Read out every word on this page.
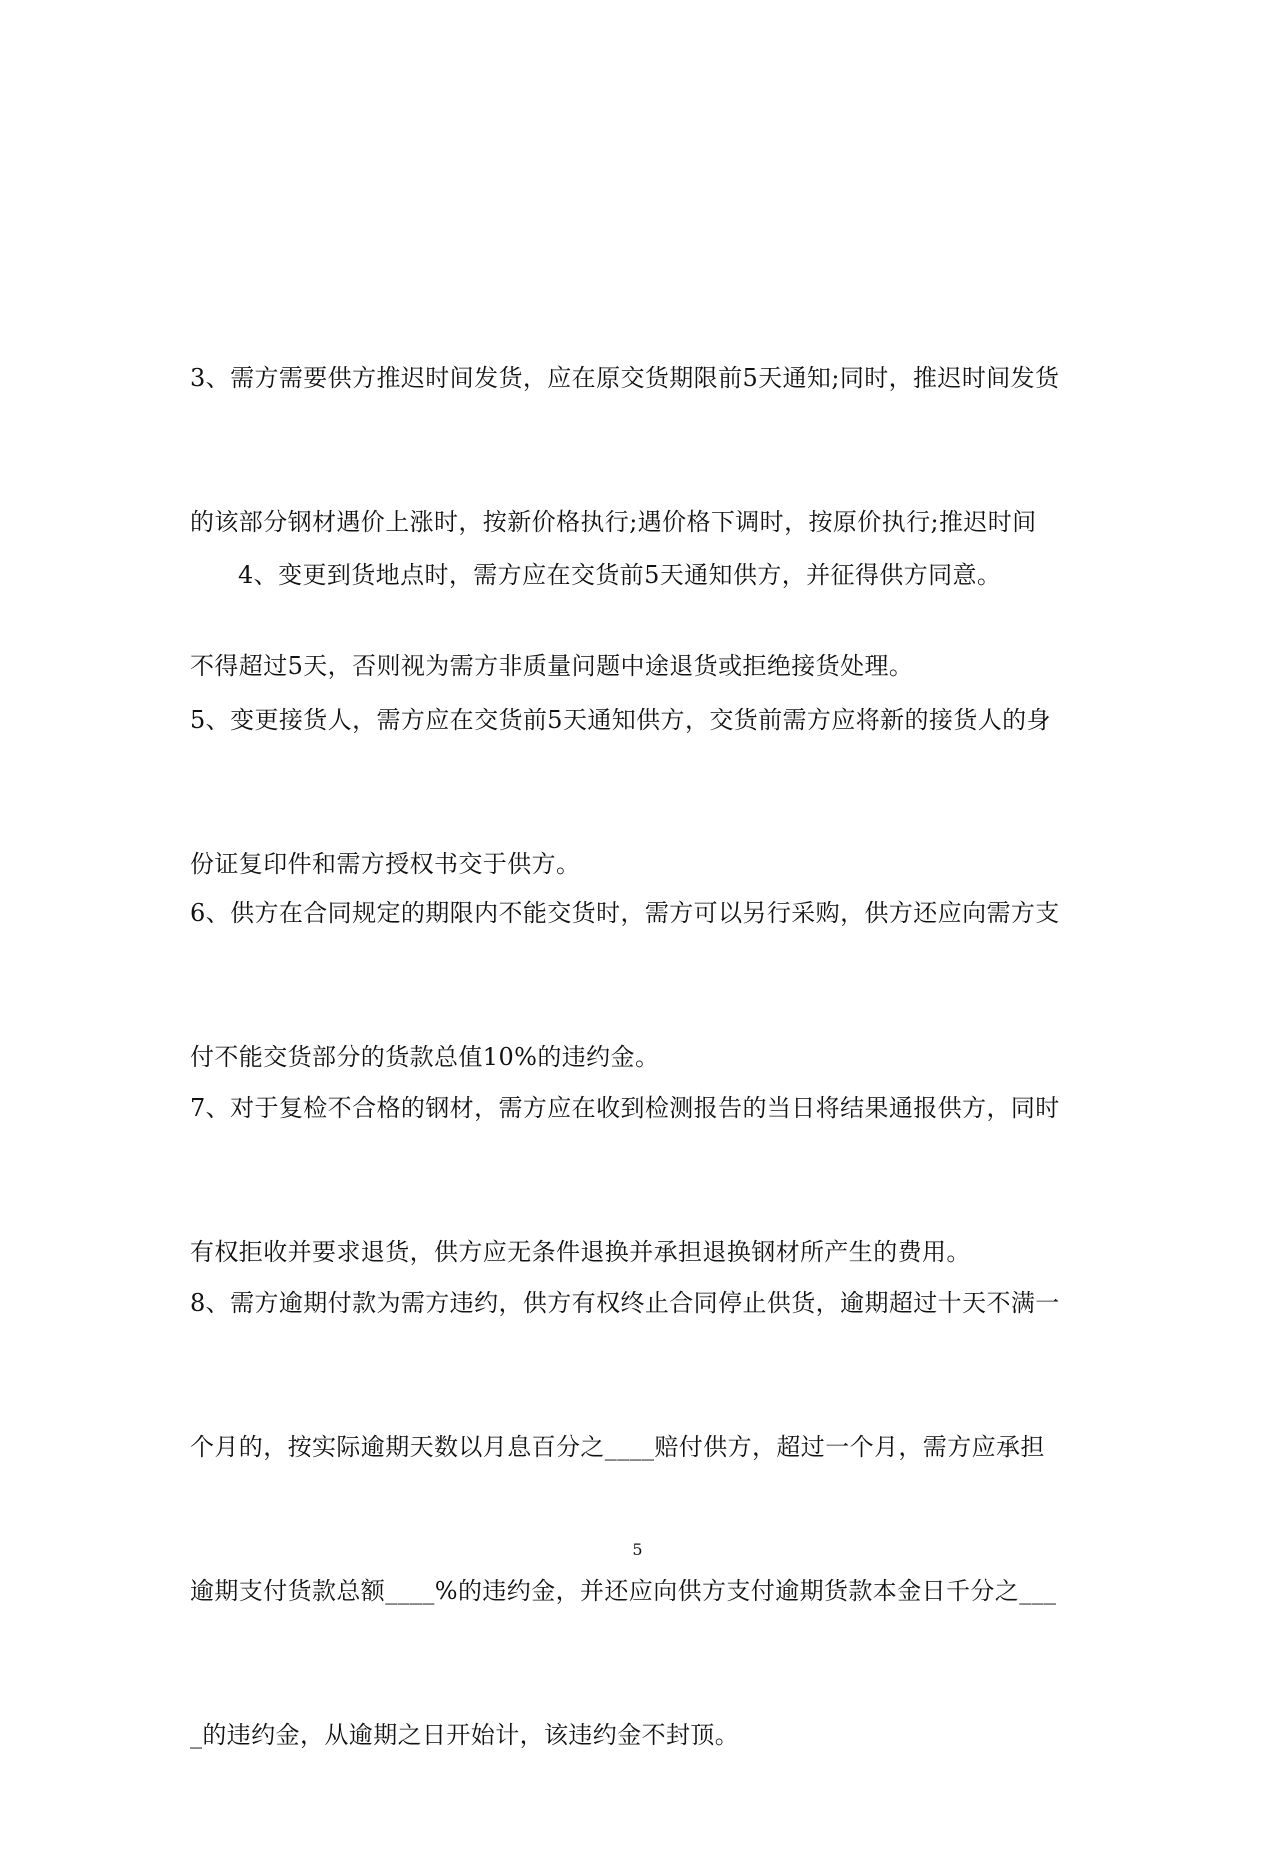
3、需方需要供方推迟时间发货，应在原交货期限前5天通知;同时，推迟时间发货

的该部分钢材遇价上涨时，按新价格执行;遇价格下调时，按原价执行;推迟时间

不得超过5天，否则视为需方非质量问题中途退货或拒绝接货处理。

4、变更到货地点时，需方应在交货前5天通知供方，并征得供方同意。

5、变更接货人，需方应在交货前5天通知供方，交货前需方应将新的接货人的身

份证复印件和需方授权书交于供方。

6、供方在合同规定的期限内不能交货时，需方可以另行采购，供方还应向需方支

付不能交货部分的货款总值10%的违约金。

7、对于复检不合格的钢材，需方应在收到检测报告的当日将结果通报供方，同时

有权拒收并要求退货，供方应无条件退换并承担退换钢材所产生的费用。

8、需方逾期付款为需方违约，供方有权终止合同停止供货，逾期超过十天不满一

个月的，按实际逾期天数以月息百分之____赔付供方，超过一个月，需方应承担

逾期支付货款总额____%的违约金，并还应向供方支付逾期货款本金日千分之___

_的违约金，从逾期之日开始计，该违约金不封顶。

5
